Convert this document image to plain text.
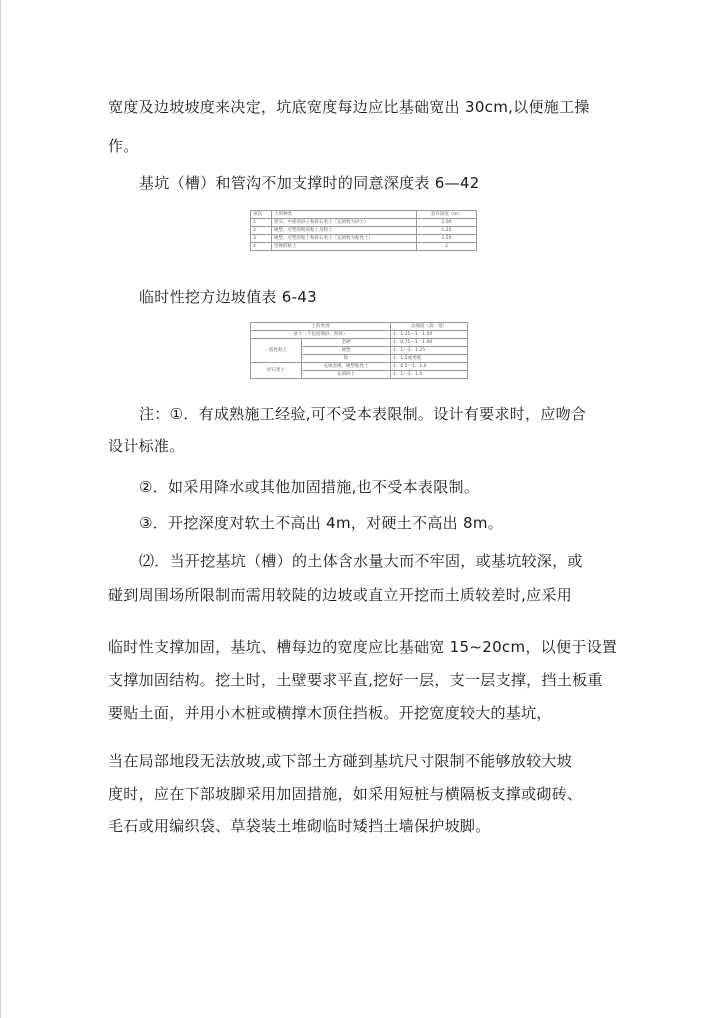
宽度及边坡坡度来决定，坑底宽度每边应比基础宽出 30cm,以便施工操
作。
基坑（槽）和管沟不加支撑时的同意深度表 6—42
项次	土的种类	容许深度（m）
1	密实、中密的砂子和碎石类土（充填物为砂土）	1.00
2	硬塑、可塑的粉质粘土及粉土	1.25
3	硬塑、可塑的粘土和碎石类土（充填物为粘性土）	1.50
4	坚硬的粘土	2
临时性挖方边坡值表 6-43
土的类别		边坡值（高：宽）
砂土（不包括细砂、粉砂）		1：1.25～1：1.50
一般性粘土	坚硬	1：0.75～1：1.00
	硬塑	1：1～1：1.25
	软	1：1.5或更缓
碎石类土	充填坚硬、硬塑粘性土	1：0.5～1：1.0
	充填砂土	1：1～1：1.5
注：①．有成熟施工经验,可不受本表限制。设计有要求时，应吻合
设计标准。
②．如采用降水或其他加固措施,也不受本表限制。
③．开挖深度对软土不高出 4m，对硬土不高出 8m。
⑵．当开挖基坑（槽）的土体含水量大而不牢固，或基坑较深，或
碰到周围场所限制而需用较陡的边坡或直立开挖而土质较差时,应采用
临时性支撑加固，基坑、槽每边的宽度应比基础宽 15~20cm，以便于设置
支撑加固结构。挖土时，土壁要求平直,挖好一层，支一层支撑，挡土板重
要贴土面，并用小木桩或横撑木顶住挡板。开挖宽度较大的基坑，
当在局部地段无法放坡,或下部土方碰到基坑尺寸限制不能够放较大坡
度时，应在下部坡脚采用加固措施，如采用短桩与横隔板支撑或砌砖、
毛石或用编织袋、草袋装土堆砌临时矮挡土墙保护坡脚。
